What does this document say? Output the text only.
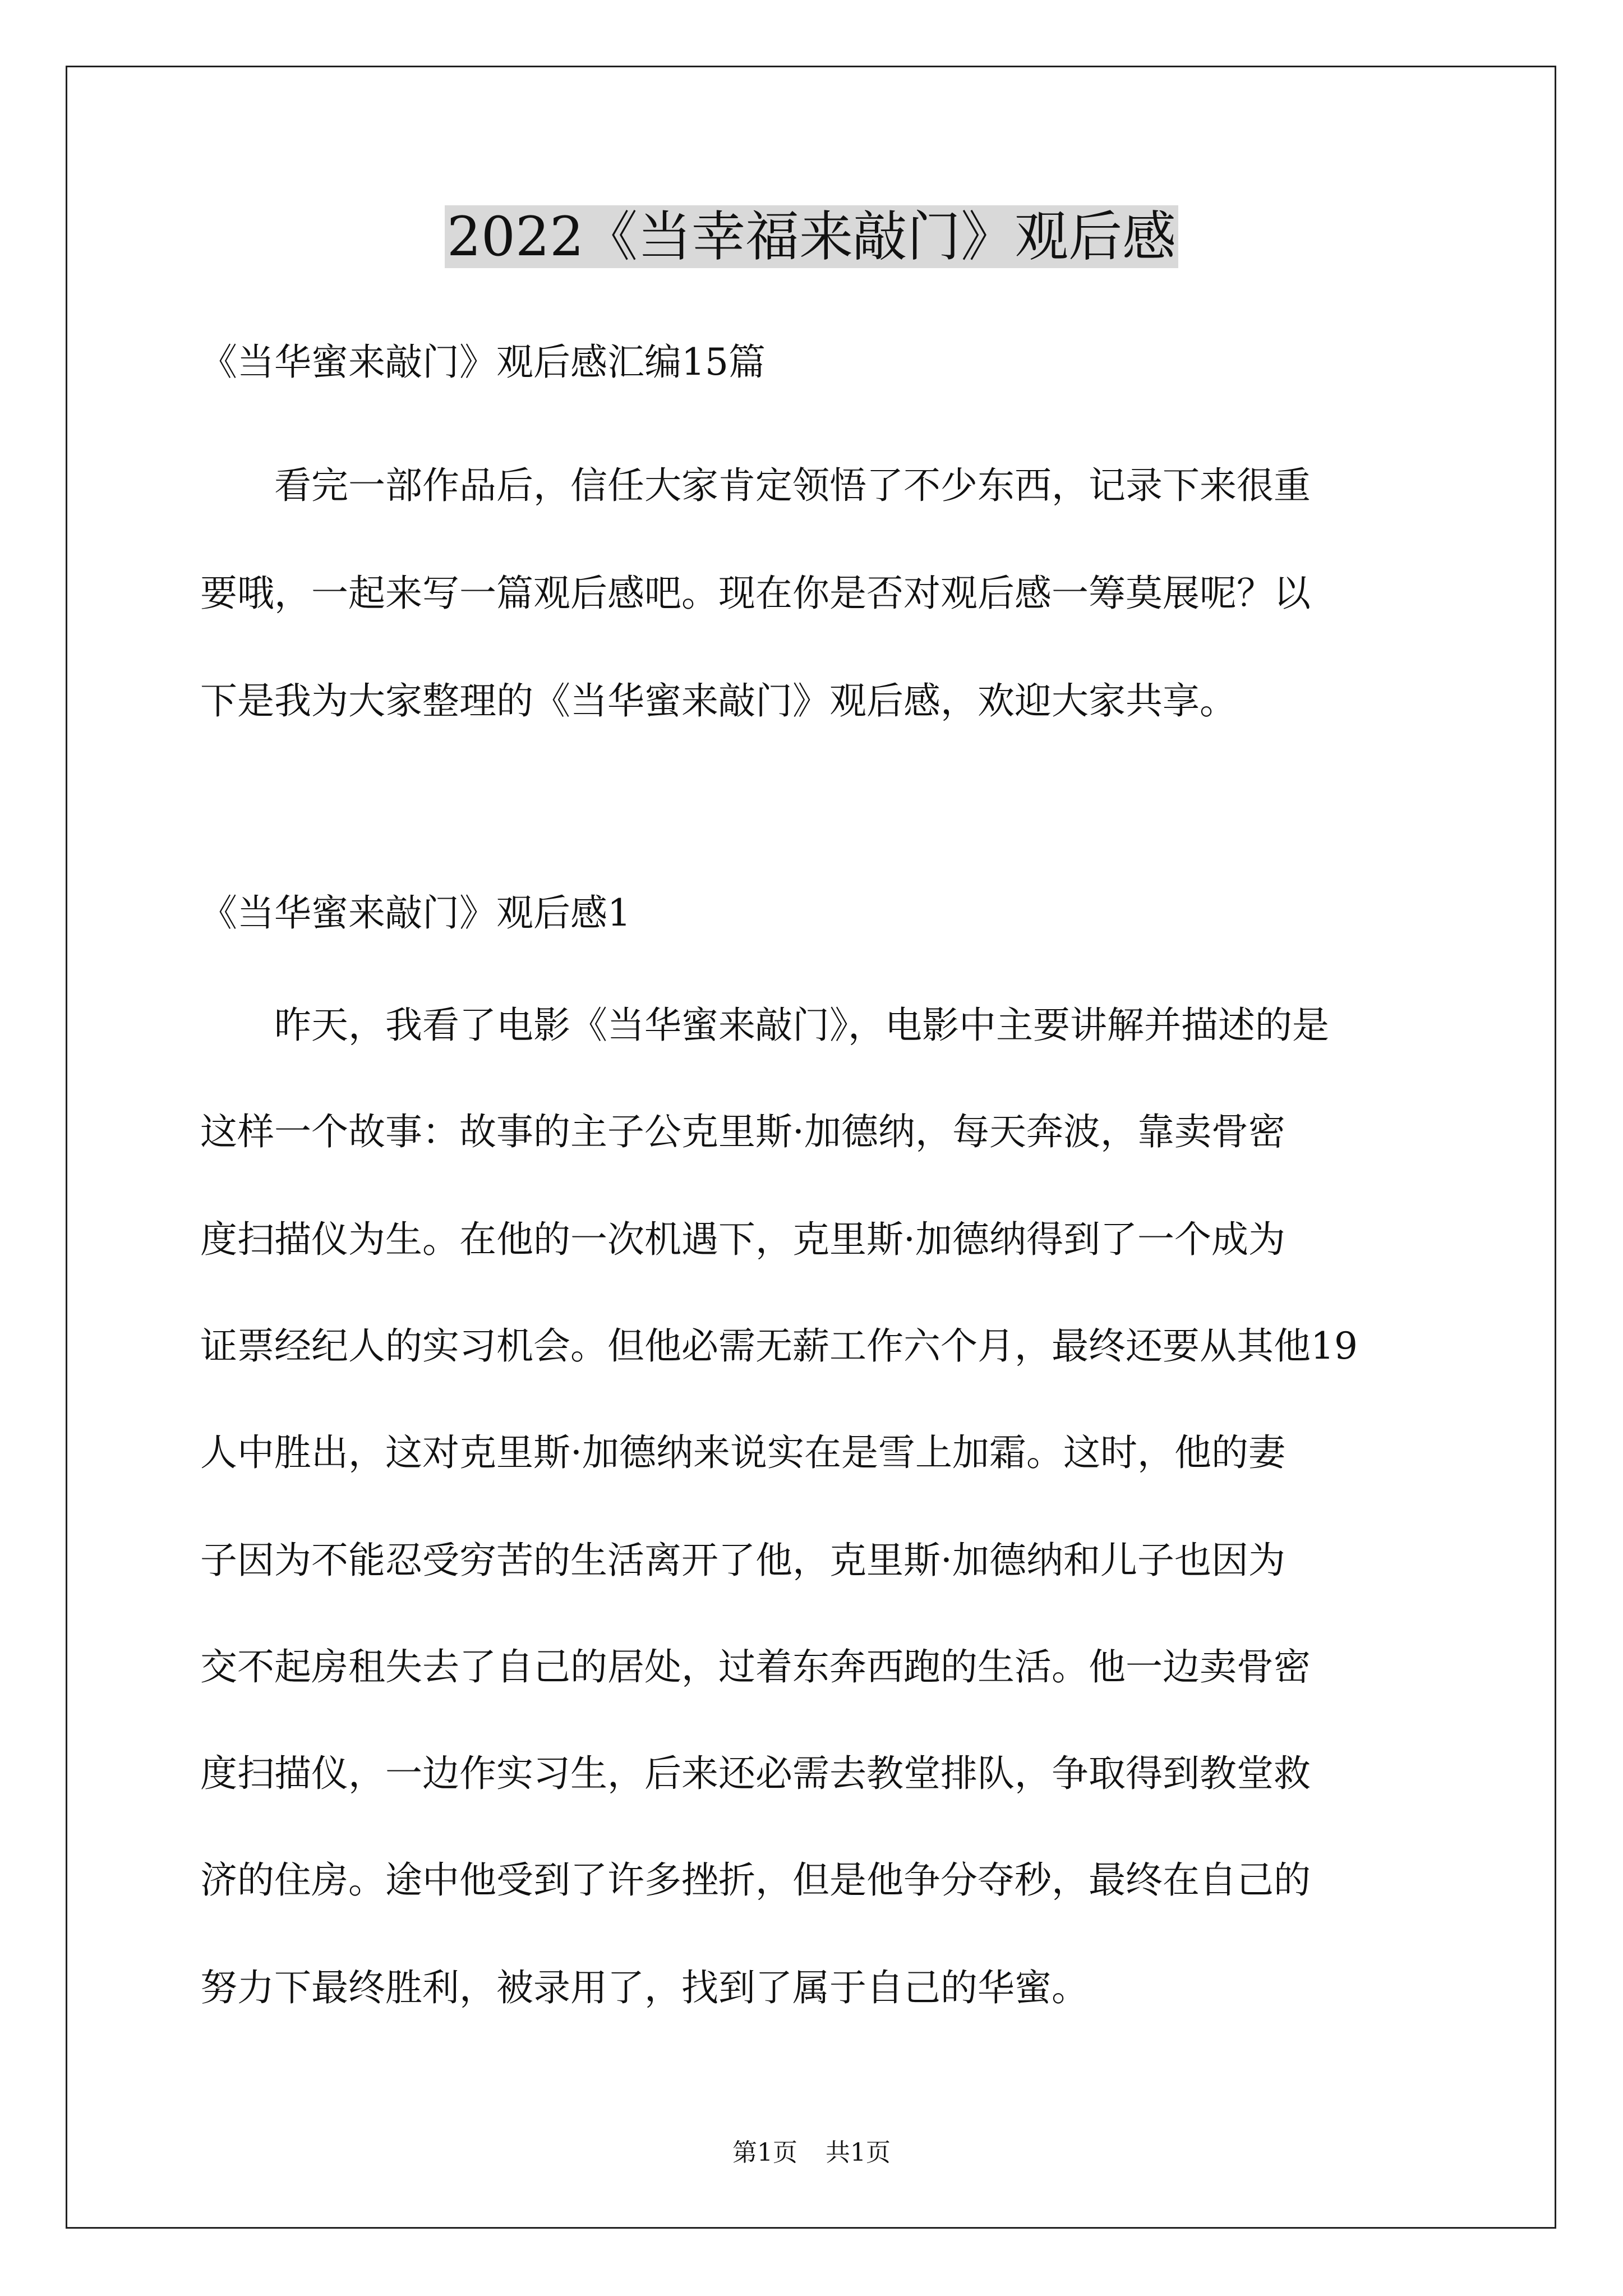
2022《当幸福来敲门》观后感

《当华蜜来敲门》观后感汇编15篇

看完一部作品后，信任大家肯定领悟了不少东西，记录下来很重

要哦，一起来写一篇观后感吧。现在你是否对观后感一筹莫展呢？以

下是我为大家整理的《当华蜜来敲门》观后感，欢迎大家共享。

《当华蜜来敲门》观后感1

昨天，我看了电影《当华蜜来敲门》，电影中主要讲解并描述的是

这样一个故事：故事的主子公克里斯·加德纳，每天奔波，靠卖骨密

度扫描仪为生。在他的一次机遇下，克里斯·加德纳得到了一个成为

证票经纪人的实习机会。但他必需无薪工作六个月，最终还要从其他19

人中胜出，这对克里斯·加德纳来说实在是雪上加霜。这时，他的妻

子因为不能忍受穷苦的生活离开了他，克里斯·加德纳和儿子也因为

交不起房租失去了自己的居处，过着东奔西跑的生活。他一边卖骨密

度扫描仪，一边作实习生，后来还必需去教堂排队，争取得到教堂救

济的住房。途中他受到了许多挫折，但是他争分夺秒，最终在自己的

努力下最终胜利，被录用了，找到了属于自己的华蜜。

第1页 共1页
